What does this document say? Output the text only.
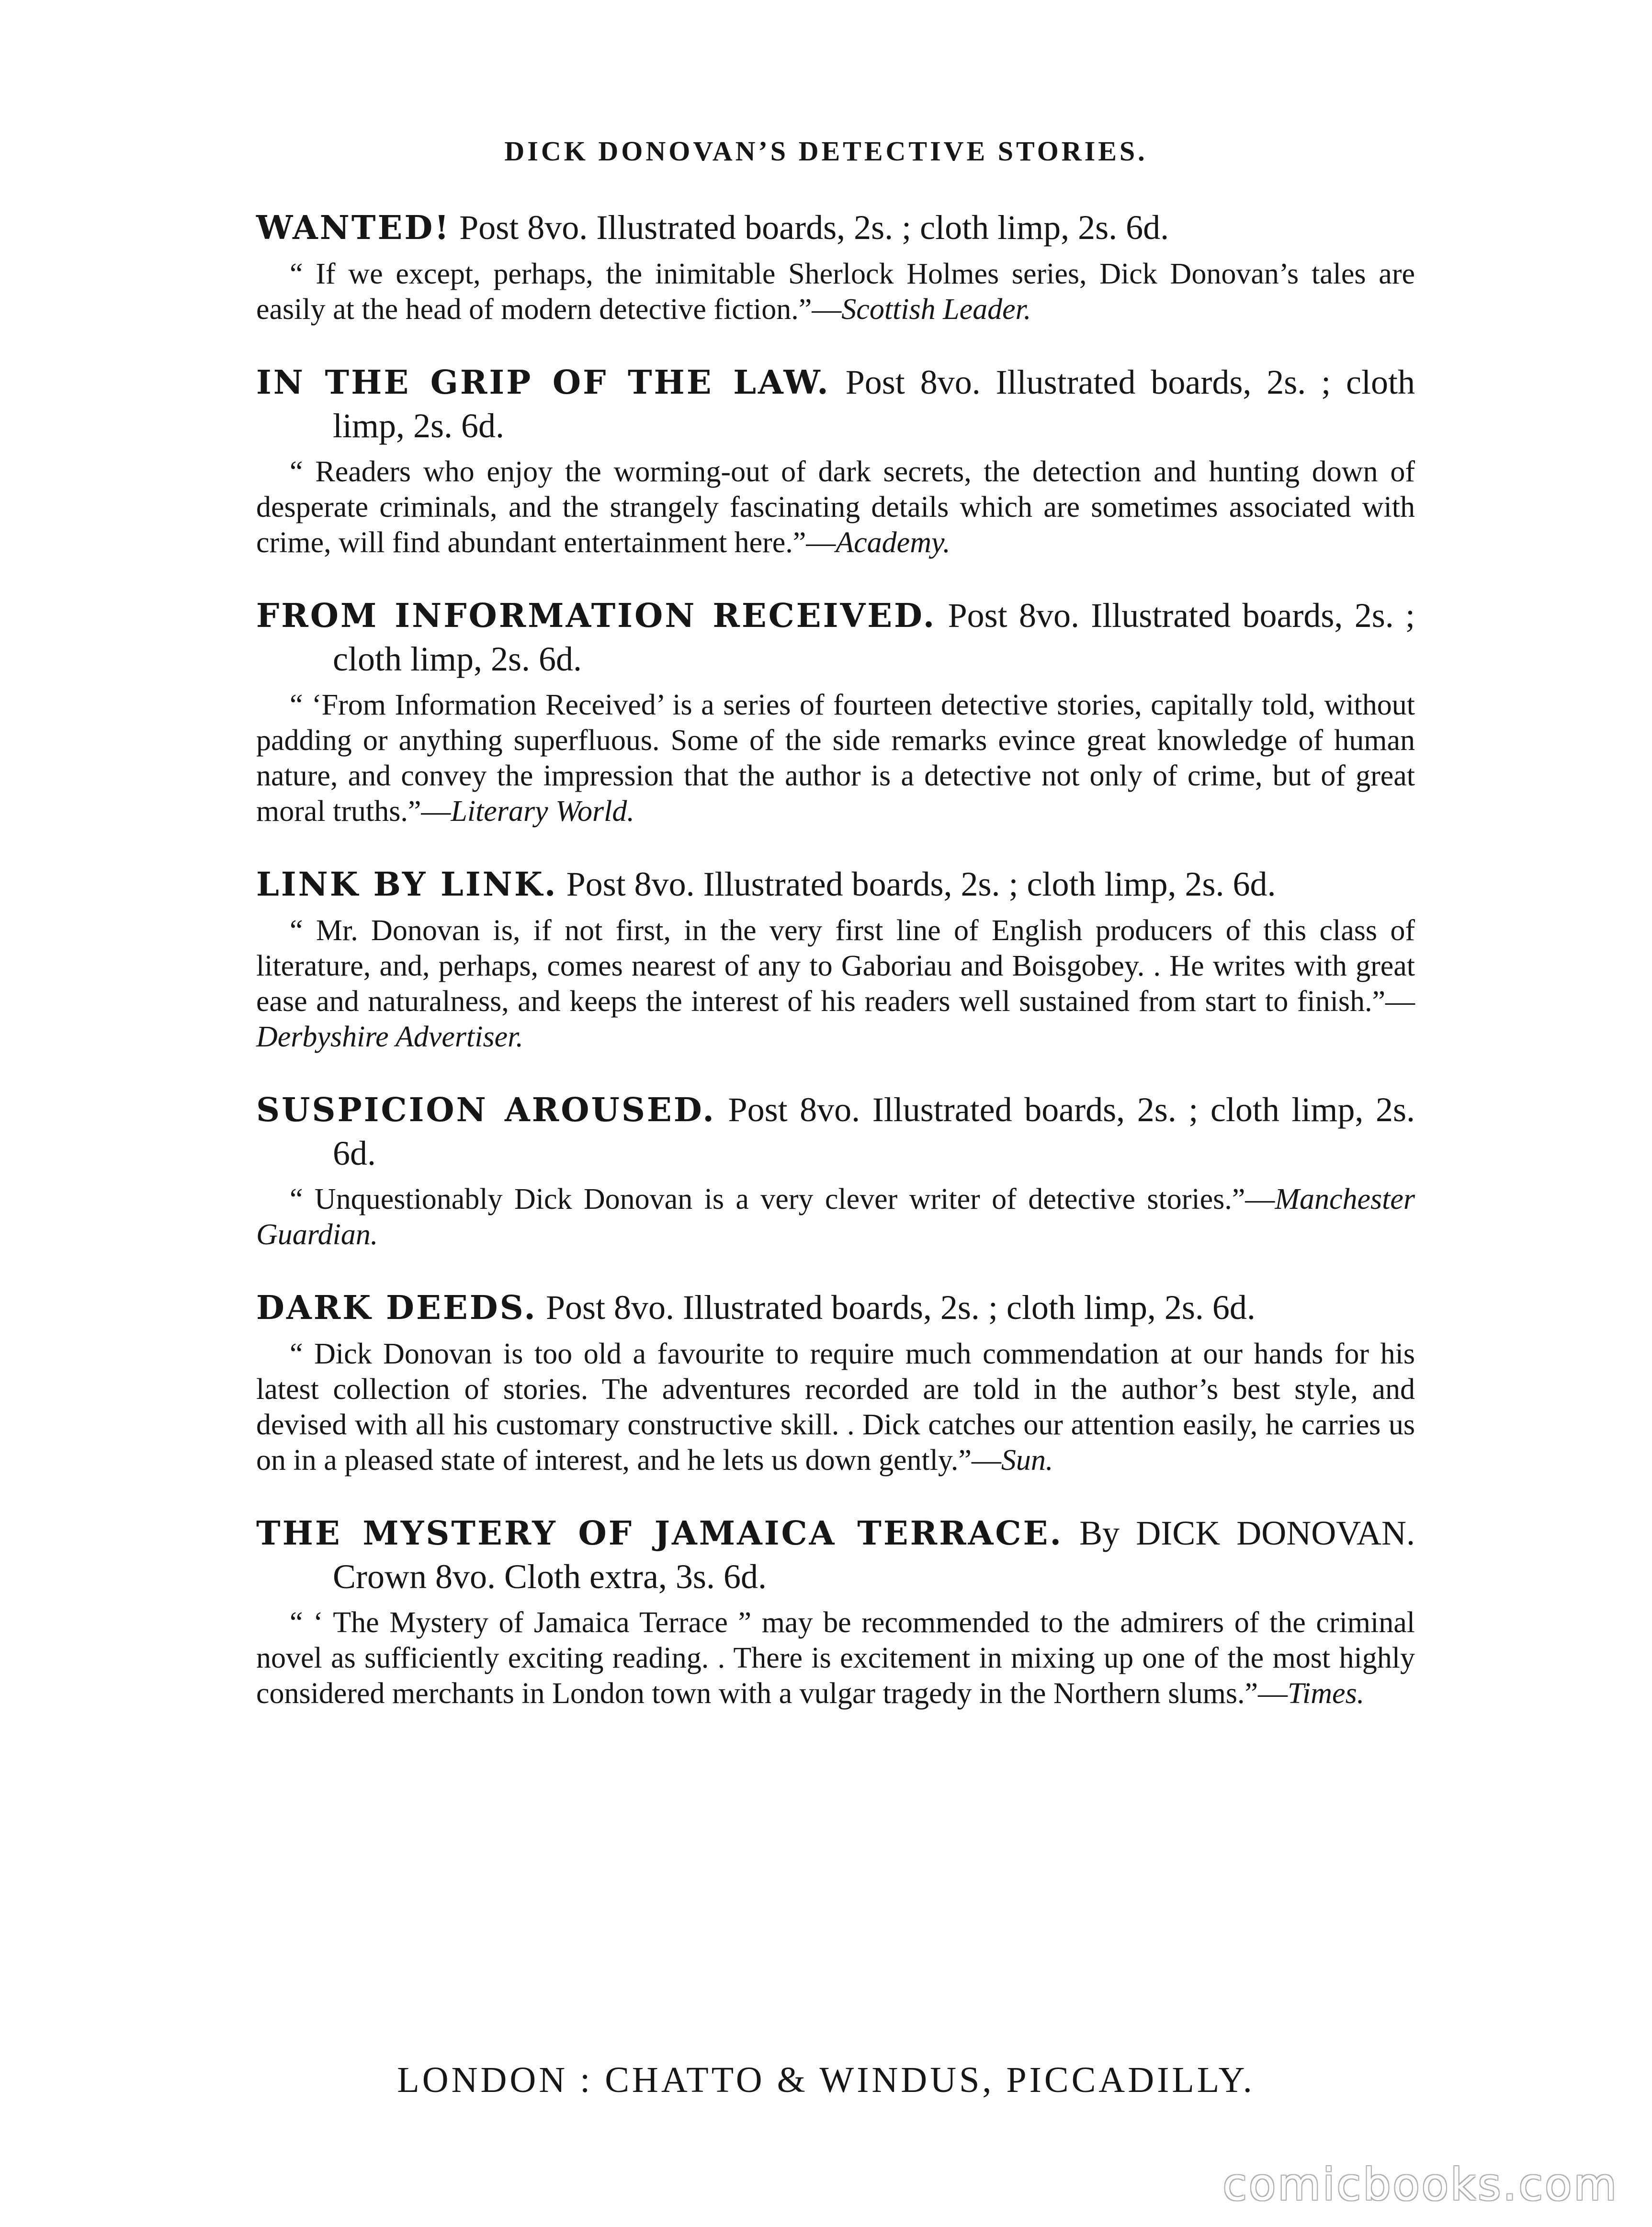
DICK DONOVAN’S DETECTIVE STORIES.
WANTED! Post 8vo. Illustrated boards, 2s. ; cloth limp, 2s. 6d.
“ If we except, perhaps, the inimitable Sherlock Holmes series, Dick Donovan’s tales are easily at the head of modern detective fiction.”—Scottish Leader.
IN THE GRIP OF THE LAW. Post 8vo. Illustrated boards, 2s. ; cloth limp, 2s. 6d.
“ Readers who enjoy the worming-out of dark secrets, the detection and hunting down of desperate criminals, and the strangely fascinating details which are sometimes associated with crime, will find abundant entertainment here.”—Academy.
FROM INFORMATION RECEIVED. Post 8vo. Illustrated boards, 2s. ; cloth limp, 2s. 6d.
“ ‘From Information Received’ is a series of fourteen detective stories, capitally told, without padding or anything superfluous. Some of the side remarks evince great knowledge of human nature, and convey the impression that the author is a detective not only of crime, but of great moral truths.”—Literary World.
LINK BY LINK. Post 8vo. Illustrated boards, 2s. ; cloth limp, 2s. 6d.
“ Mr. Donovan is, if not first, in the very first line of English producers of this class of literature, and, perhaps, comes nearest of any to Gaboriau and Boisgobey. . He writes with great ease and naturalness, and keeps the interest of his readers well sustained from start to finish.”—Derbyshire Advertiser.
SUSPICION AROUSED. Post 8vo. Illustrated boards, 2s. ; cloth limp, 2s. 6d.
“ Unquestionably Dick Donovan is a very clever writer of detective stories.”—Manchester Guardian.
DARK DEEDS. Post 8vo. Illustrated boards, 2s. ; cloth limp, 2s. 6d.
“ Dick Donovan is too old a favourite to require much commendation at our hands for his latest collection of stories. The adventures recorded are told in the author’s best style, and devised with all his customary constructive skill. . Dick catches our attention easily, he carries us on in a pleased state of interest, and he lets us down gently.”—Sun.
THE MYSTERY OF JAMAICA TERRACE. By DICK DONOVAN. Crown 8vo. Cloth extra, 3s. 6d.
“ ‘ The Mystery of Jamaica Terrace ” may be recommended to the admirers of the criminal novel as sufficiently exciting reading. . There is excitement in mixing up one of the most highly considered merchants in London town with a vulgar tragedy in the Northern slums.”—Times.
LONDON : CHATTO & WINDUS, PICCADILLY.
comicbooks.com
